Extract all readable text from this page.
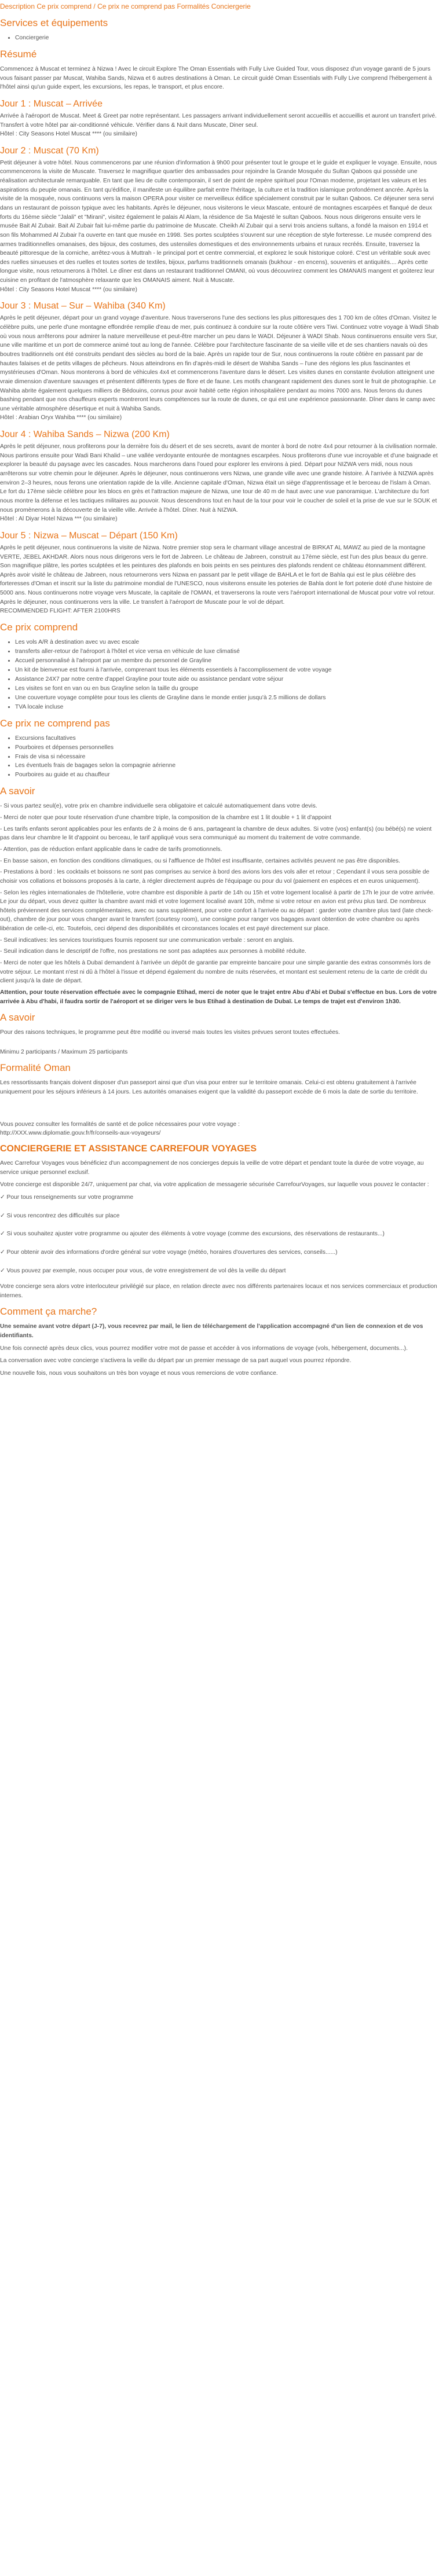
Description Ce prix comprend / Ce prix ne comprend pas Formalités Conciergerie
Services et équipements
• Conciergerie
Résumé

Commencez à Muscat et terminez à Nizwa ! Avec le circuit Explore The Oman Essentials with Fully Live Guided Tour, vous disposez d'un voyage garanti de 5 jours vous faisant passer par Muscat, Wahiba Sands, Nizwa et 6 autres destinations à Oman. Le circuit guidé Oman Essentials with Fully Live comprend l'hébergement à l'hôtel ainsi qu'un guide expert, les excursions, les repas, le transport, et plus encore.

Jour 1 : Muscat – Arrivée

Arrivée à l'aéroport de Muscat. Meet & Greet par notre représentant. Les passagers arrivant individuellement seront accueillis et accueillis et auront un transfert privé. Transfert à votre hôtel par air-conditionné véhicule. Vérifier dans & Nuit dans Muscate, Diner seul.

Hôtel : City Seasons Hotel Muscat **** (ou similaire)

Jour 2 : Muscat (70 Km)

Petit déjeuner à votre hôtel. Nous commencerons par une réunion d'information à 9h00 pour présenter tout le groupe et le guide et expliquer le voyage. Ensuite, nous commencerons la visite de Muscate. Traversez le magnifique quartier des ambassades pour rejoindre la Grande Mosquée du Sultan Qaboos qui possède une réalisation architecturale remarquable. En tant que lieu de culte contemporain, il sert de point de repère spirituel pour l'Oman moderne, projetant les valeurs et les aspirations du peuple omanais. En tant qu'édifice, il manifeste un équilibre parfait entre l'héritage, la culture et la tradition islamique profondément ancrée. Après la visite de la mosquée, nous continuons vers la maison OPERA pour visiter ce merveilleux édifice spécialement construit par le sultan Qaboos. Ce déjeuner sera servi dans un restaurant de poisson typique avec les habitants. Après le déjeuner, nous visiterons le vieux Mascate, entouré de montagnes escarpées et flanqué de deux forts du 16ème siècle "Jalali" et "Mirani", visitez également le palais Al Alam, la résidence de Sa Majesté le sultan Qaboos. Nous nous dirigerons ensuite vers le musée Bait Al Zubair. Bait Al Zubair fait lui-même partie du patrimoine de Muscate. Cheikh Al Zubair qui a servi trois anciens sultans, a fondé la maison en 1914 et son fils Mohammed Al Zubair l'a ouverte en tant que musée en 1998. Ses portes sculptées s'ouvrent sur une réception de style forteresse. Le musée comprend des armes traditionnelles omanaises, des bijoux, des costumes, des ustensiles domestiques et des environnements urbains et ruraux recréés. Ensuite, traversez la beauté pittoresque de la corniche, arrêtez-vous à Muttrah - le principal port et centre commercial, et explorez le souk historique coloré. C'est un véritable souk avec des ruelles sinueuses et des ruelles et toutes sortes de textiles, bijoux, parfums traditionnels omanais (bukhour - en encens), souvenirs et antiquités.... Après cette longue visite, nous retournerons à l'hôtel. Le dîner est dans un restaurant traditionnel OMANI, où vous découvrirez comment les OMANAIS mangent et goûterez leur cuisine en profitant de l'atmosphère relaxante que les OMANAIS aiment. Nuit à Muscate.

Hôtel : City Seasons Hotel Muscat **** (ou similaire)

Jour 3 : Musat – Sur – Wahiba (340 Km)

Après le petit déjeuner, départ pour un grand voyage d'aventure. Nous traverserons l'une des sections les plus pittoresques des 1 700 km de côtes d'Oman. Visitez le célèbre puits, une perle d'une montagne effondrée remplie d'eau de mer, puis continuez à conduire sur la route côtière vers Tiwi. Continuez votre voyage à Wadi Shab où vous nous arrêterons pour admirer la nature merveilleuse et peut-être marcher un peu dans le WADI. Déjeuner à WADI Shab. Nous continuerons ensuite vers Sur, une ville maritime et un port de commerce animé tout au long de l'année. Célèbre pour l'architecture fascinante de sa vieille ville et de ses chantiers navals où des boutres traditionnels ont été construits pendant des siècles au bord de la baie. Après un rapide tour de Sur, nous continuerons la route côtière en passant par de hautes falaises et de petits villages de pêcheurs. Nous atteindrons en fin d'après-midi le désert de Wahiba Sands – l'une des régions les plus fascinantes et mystérieuses d'Oman. Nous monterons à bord de véhicules 4x4 et commencerons l'aventure dans le désert. Les visites dunes en constante évolution atteignent une vraie dimension d'aventure sauvages et présentent différents types de flore et de faune. Les motifs changeant rapidement des dunes sont le fruit de photographie. Le Wahiba abrite également quelques milliers de Bédouins, connus pour avoir habité cette région inhospitalière pendant au moins 7000 ans. Nous ferons du dunes bashing pendant que nos chauffeurs experts montreront leurs compétences sur la route de dunes, ce qui est une expérience passionnante. Dîner dans le camp avec une véritable atmosphère désertique et nuit à Wahiba Sands.

Hôtel : Arabian Oryx Wahiba **** (ou similaire)

Jour 4 : Wahiba Sands – Nizwa (200 Km)

Après le petit déjeuner, nous profiterons pour la dernière fois du désert et de ses secrets, avant de monter à bord de notre 4x4 pour retourner à la civilisation normale. Nous partirons ensuite pour Wadi Bani Khalid – une vallée verdoyante entourée de montagnes escarpées. Nous profiterons d'une vue incroyable et d'une baignade et explorer la beauté du paysage avec les cascades. Nous marcherons dans l'oued pour explorer les environs à pied. Départ pour NIZWA vers midi, nous nous arrêterons sur votre chemin pour le déjeuner. Après le déjeuner, nous continuerons vers Nizwa, une grande ville avec une grande histoire. À l'arrivée à NIZWA après environ 2–3 heures, nous ferons une orientation rapide de la ville. Ancienne capitale d'Oman, Nizwa était un siège d'apprentissage et le berceau de l'islam à Oman. Le fort du 17ème siècle célèbre pour les blocs en grès et l'attraction majeure de Nizwa, une tour de 40 m de haut avec une vue panoramique. L'architecture du fort nous montre la défense et les tactiques militaires au pouvoir. Nous descendrons tout en haut de la tour pour voir le coucher de soleil et la prise de vue sur le SOUK et nous promènerons à la découverte de la vieille ville. Arrivée à l'hôtel. Dîner. Nuit à NIZWA.

Hôtel : Al Diyar Hotel Nizwa *** (ou similaire)

Jour 5 : Nizwa – Muscat – Départ (150 Km)

Après le petit déjeuner, nous continuerons la visite de Nizwa. Notre premier stop sera le charmant village ancestral de BIRKAT AL MAWZ au pied de la montagne VERTE, JEBEL AKHDAR. Alors nous nous dirigerons vers le fort de Jabreen. Le château de Jabreen, construit au 17ème siècle, est l'un des plus beaux du genre. Son magnifique plâtre, les portes sculptées et les peintures des plafonds en bois peints en ses peintures des plafonds rendent ce château étonnamment différent. Après avoir visité le château de Jabreen, nous retournerons vers Nizwa en passant par le petit village de BAHLA et le fort de Bahla qui est le plus célèbre des forteresses d'Oman et inscrit sur la liste du patrimoine mondial de l'UNESCO, nous visiterons ensuite les poteries de Bahla dont le fort poterie doté d'une histoire de 5000 ans. Nous continuerons notre voyage vers Muscate, la capitale de l'OMAN, et traverserons la route vers l'aéroport international de Muscat pour votre vol retour. Après le déjeuner, nous continuerons vers la ville. Le transfert à l'aéroport de Muscate pour le vol de départ.

RECOMMENDED FLIGHT: AFTER 2100HRS

Ce prix comprend
• Les vols A/R à destination avec vu avec escale
• transferts aller-retour de l'aéroport à l'hôtel et vice versa en véhicule de luxe climatisé
• Accueil personnalisé à l'aéroport par un membre du personnel de Grayline
• Un kit de bienvenue est fourni à l'arrivée, comprenant tous les éléments essentiels à l'accomplissement de votre voyage
• Assistance 24X7 par notre centre d'appel Grayline pour toute aide ou assistance pendant votre séjour
• Les visites se font en van ou en bus Grayline selon la taille du groupe
• Une couverture voyage complète pour tous les clients de Grayline dans le monde entier jusqu'à 2.5 millions de dollars
• TVA locale incluse
Ce prix ne comprend pas
• Excursions facultatives
• Pourboires et dépenses personnelles
• Frais de visa si nécessaire
• Les éventuels frais de bagages selon la compagnie aérienne
• Pourboires au guide et au chauffeur
A savoir

- Si vous partez seul(e), votre prix en chambre individuelle sera obligatoire et calculé automatiquement dans votre devis.

- Merci de noter que pour toute réservation d'une chambre triple, la composition de la chambre est 1 lit double + 1 lit d'appoint

- Les tarifs enfants seront applicables pour les enfants de 2 à moins de 6 ans, partageant la chambre de deux adultes. Si votre (vos) enfant(s) (ou bébé(s) ne voient pas dans leur chambre le lit d'appoint ou berceau, le tarif appliqué vous sera communiqué au moment du traitement de votre commande.

- Attention, pas de réduction enfant applicable dans le cadre de tarifs promotionnels.

- En basse saison, en fonction des conditions climatiques, ou si l'affluence de l'hôtel est insuffisante, certaines activités peuvent ne pas être disponibles.

- Prestations à bord : les cocktails et boissons ne sont pas comprises au service à bord des avions lors des vols aller et retour ; Cependant il vous sera possible de choisir vos collations et boissons proposés à la carte, à régler directement auprès de l'équipage ou pour du vol (paiement en espèces et en euros uniquement).

- Selon les règles internationales de l'hôtellerie, votre chambre est disponible à partir de 14h ou 15h et votre logement localisé à partir de 17h le jour de votre arrivée. Le jour du départ, vous devez quitter la chambre avant midi et votre logement localisé avant 10h, même si votre retour en avion est prévu plus tard. De nombreux hôtels préviennent des services complémentaires, avec ou sans supplément, pour votre confort à l'arrivée ou au départ : garder votre chambre plus tard (late check-out), chambre de jour pour vous changer avant le transfert (courtesy room), une consigne pour ranger vos bagages avant obtention de votre chambre ou après libération de celle-ci, etc. Toutefois, ceci dépend des disponibilités et circonstances locales et est payé directement sur place.

- Seuil indicatives: les services touristiques fournis reposent sur une communication verbale : seront en anglais.

- Seuil indication dans le descriptif de l'offre, nos prestations ne sont pas adaptées aux personnes à mobilité réduite.

- Merci de noter que les hôtels à Dubaï demandent à l'arrivée un dépôt de garantie par empreinte bancaire pour une simple garantie des extras consommés lors de votre séjour. Le montant n'est ni dû à l'hôtel à l'issue et dépend également du nombre de nuits réservées, et montant est seulement retenu de la carte de crédit du client jusqu'à la date de départ.

Attention, pour toute réservation effectuée avec le compagnie Etihad, merci de noter que le trajet entre Abu d'Abi et Dubaï s'effectue en bus. Lors de votre arrivée à Abu d'habi, il faudra sortir de l'aéroport et se diriger vers le bus Etihad à destination de Dubaï. Le temps de trajet est d'environ 1h30.

A savoir

Pour des raisons techniques, le programme peut être modifié ou inversé mais toutes les visites prévues seront toutes effectuées.

Minimu 2 participants / Maximum 25 participants

Formalité Oman

Les ressortissants français doivent disposer d'un passeport ainsi que d'un visa pour entrer sur le territoire omanais. Celui-ci est obtenu gratuitement à l'arrivée uniquement pour les séjours inférieurs à 14 jours. Les autorités omanaises exigent que la validité du passeport excède de 6 mois la date de sortie du territoire.

Vous pouvez consulter les formalités de santé et de police nécessaires pour votre voyage :

http://XXX.www.diplomatie.gouv.fr/fr/conseils-aux-voyageurs/

CONCIERGERIE ET ASSISTANCE CARREFOUR VOYAGES

Avec Carrefour Voyages vous bénéficiez d'un accompagnement de nos concierges depuis la veille de votre départ et pendant toute la durée de votre voyage, au service unique personnel exclusif.

Votre concierge est disponible 24/7, uniquement par chat, via votre application de messagerie sécurisée CarrefourVoyages, sur laquelle vous pouvez le contacter :

✓ Pour tous renseignements sur votre programme

✓ Si vous rencontrez des difficultés sur place

✓ Si vous souhaitez ajuster votre programme ou ajouter des éléments à votre voyage (comme des excursions, des réservations de restaurants...)

✓ Pour obtenir avoir des informations d'ordre général sur votre voyage (météo, horaires d'ouvertures des services, conseils......)

✓ Vous pouvez par exemple, nous occuper pour vous, de votre enregistrement de vol dès la veille du départ

Votre concierge sera alors votre interlocuteur privilégié sur place, en relation directe avec nos différents partenaires locaux et nos services commerciaux et production internes.

Comment ça marche?

Une semaine avant votre départ (J-7), vous recevrez par mail, le lien de téléchargement de l'application accompagné d'un lien de connexion et de vos identifiants.

Une fois connecté après deux clics, vous pourrez modifier votre mot de passe et accéder à vos informations de voyage (vols, hébergement, documents...).

La conversation avec votre concierge s'activera la veille du départ par un premier message de sa part auquel vous pourrez répondre.

Une nouvelle fois, nous vous souhaitons un très bon voyage et nous vous remercions de votre confiance.
